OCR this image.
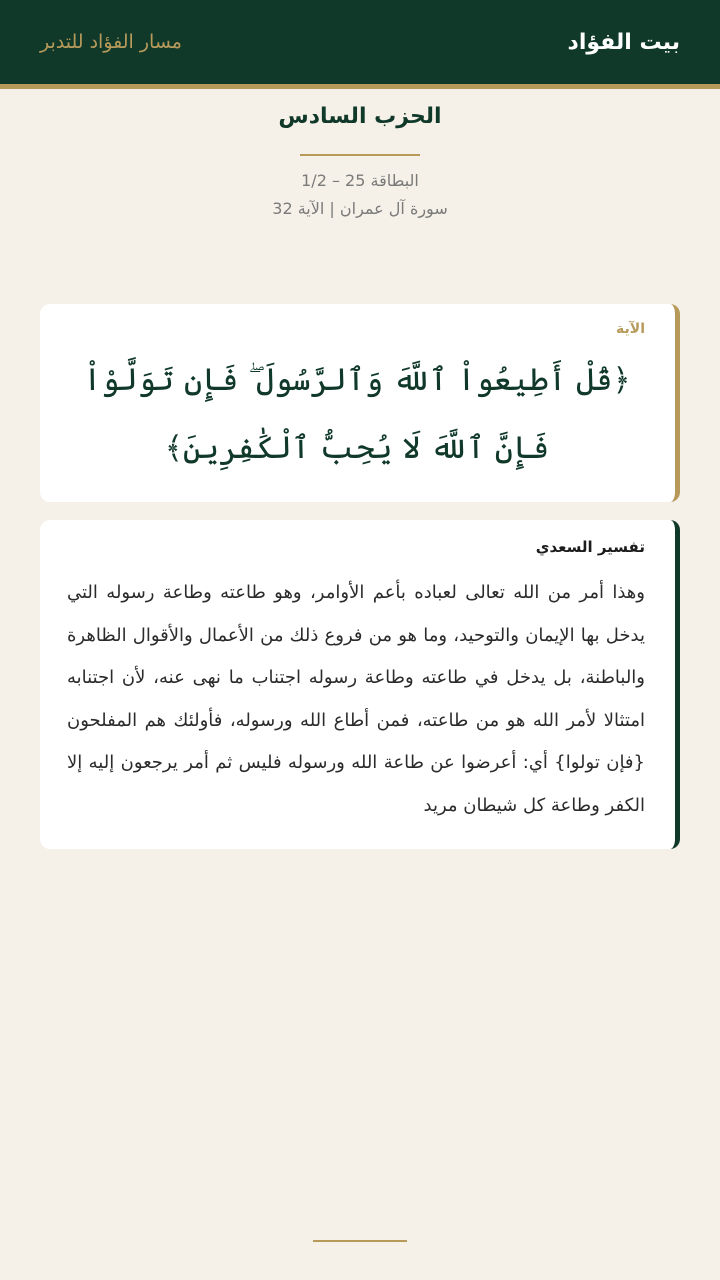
بيت الفؤاد
مسار الفؤاد للتدبر
الحزب السادس
البطاقة 25 – 1/2
سورة آل عمران | الآية 32
الآية
﴿قُلْ أَطِيعُواْ ٱللَّهَ وَٱلرَّسُولَ ۖ فَإِن تَوَلَّوْاْ فَإِنَّ ٱللَّهَ لَا يُحِبُّ ٱلْكَٰفِرِينَ﴾
تفسير السعدي
وهذا أمر من الله تعالى لعباده بأعم الأوامر، وهو طاعته وطاعة رسوله التي يدخل بها الإيمان والتوحيد، وما هو من فروع ذلك من الأعمال والأقوال الظاهرة والباطنة، بل يدخل في طاعته وطاعة رسوله اجتناب ما نهى عنه، لأن اجتنابه امتثالا لأمر الله هو من طاعته، فمن أطاع الله ورسوله، فأولئك هم المفلحون {فإن تولوا} أي: أعرضوا عن طاعة الله ورسوله فليس ثم أمر يرجعون إليه إلا الكفر وطاعة كل شيطان مريد
